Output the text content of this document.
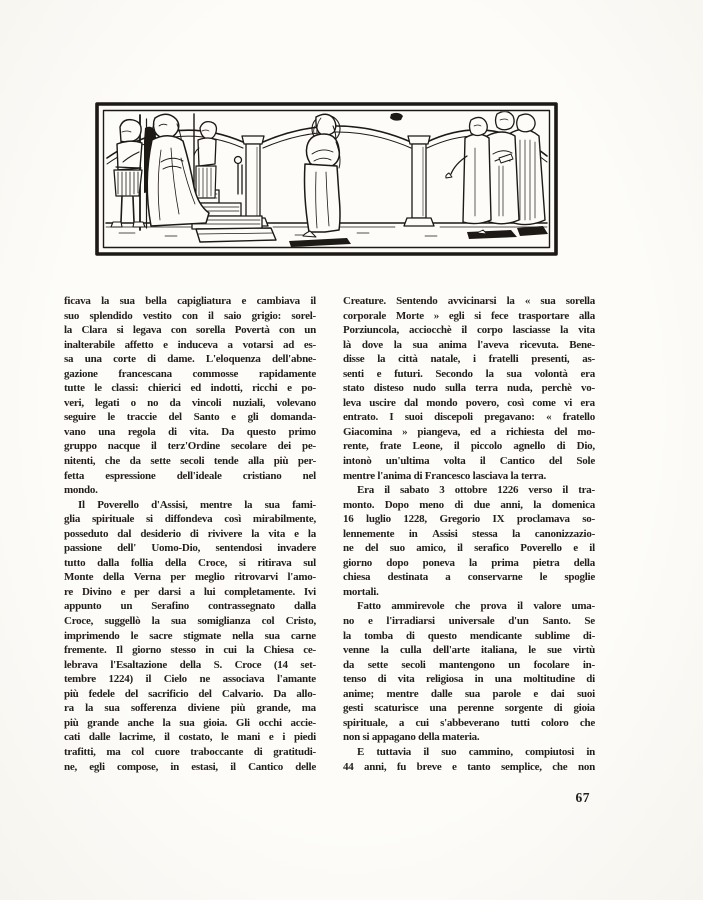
ficava la sua bella capigliatura e cambiava il
suo splendido vestito con il saio grigio: sorel-
la Clara si legava con sorella Povertà con un
inalterabile affetto e induceva a votarsi ad es-
sa una corte di dame. L'eloquenza dell'abne-
gazione francescana commosse rapidamente
tutte le classi: chierici ed indotti, ricchi e po-
veri, legati o no da vincoli nuziali, volevano
seguire le traccie del Santo e gli domanda-
vano una regola di vita. Da questo primo
gruppo nacque il terz'Ordine secolare dei pe-
nitenti, che da sette secoli tende alla più per-
fetta espressione dell'ideale cristiano nel
mondo.
Il Poverello d'Assisi, mentre la sua fami-
glia spirituale si diffondeva così mirabilmente,
posseduto dal desiderio di rivivere la vita e la
passione dell' Uomo-Dio, sentendosi invadere
tutto dalla follia della Croce, si ritirava sul
Monte della Verna per meglio ritrovarvi l'amo-
re Divino e per darsi a lui completamente. Ivi
appunto un Serafino contrassegnato dalla
Croce, suggellò la sua somiglianza col Cristo,
imprimendo le sacre stigmate nella sua carne
fremente. Il giorno stesso in cui la Chiesa ce-
lebrava l'Esaltazione della S. Croce (14 set-
tembre 1224) il Cielo ne associava l'amante
più fedele del sacrificio del Calvario. Da allo-
ra la sua sofferenza diviene più grande, ma
più grande anche la sua gioia. Gli occhi accie-
cati dalle lacrime, il costato, le mani e i piedi
trafitti, ma col cuore traboccante di gratitudi-
ne, egli compose, in estasi, il Cantico delle
Creature. Sentendo avvicinarsi la « sua sorella
corporale Morte » egli si fece trasportare alla
Porziuncola, acciocchè il corpo lasciasse la vita
là dove la sua anima l'aveva ricevuta. Bene-
disse la città natale, i fratelli presenti, as-
senti e futuri. Secondo la sua volontà era
stato disteso nudo sulla terra nuda, perchè vo-
leva uscire dal mondo povero, così come vi era
entrato. I suoi discepoli pregavano: « fratello
Giacomina » piangeva, ed a richiesta del mo-
rente, frate Leone, il piccolo agnello di Dio,
intonò un'ultima volta il Cantico del Sole
mentre l'anima di Francesco lasciava la terra.
Era il sabato 3 ottobre 1226 verso il tra-
monto. Dopo meno di due anni, la domenica
16 luglio 1228, Gregorio IX proclamava so-
lennemente in Assisi stessa la canonizzazio-
ne del suo amico, il serafico Poverello e il
giorno dopo poneva la prima pietra della
chiesa destinata a conservarne le spoglie
mortali.
Fatto ammirevole che prova il valore uma-
no e l'irradiarsi universale d'un Santo. Se
la tomba di questo mendicante sublime di-
venne la culla dell'arte italiana, le sue virtù
da sette secoli mantengono un focolare in-
tenso di vita religiosa in una moltitudine di
anime; mentre dalle sua parole e dai suoi
gesti scaturisce una perenne sorgente di gioia
spirituale, a cui s'abbeverano tutti coloro che
non si appagano della materia.
E tuttavia il suo cammino, compiutosi in
44 anni, fu breve e tanto semplice, che non
67
